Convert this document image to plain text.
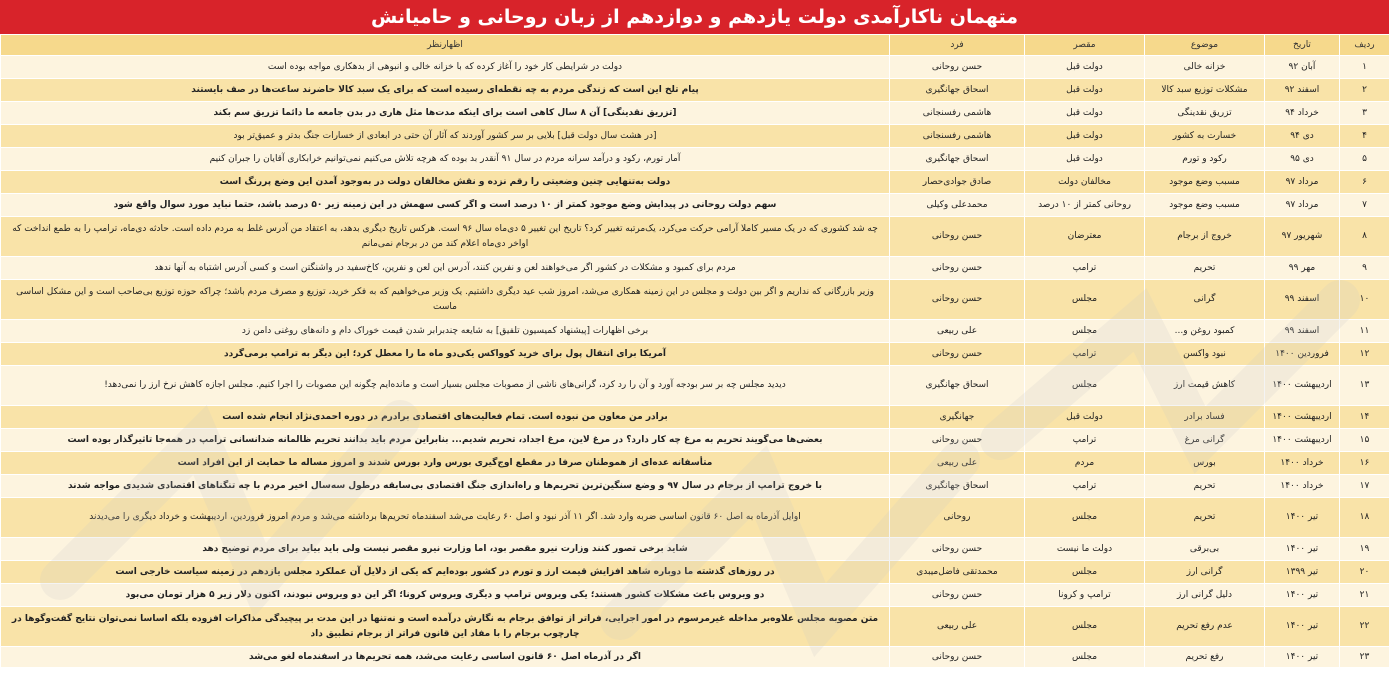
متهمان ناکارآمدی دولت یازدهم و دوازدهم از زبان روحانی و حامیانش
ردیف	تاریخ	موضوع	مقصر	فرد	اظهارنظر
۱	آبان ۹۲	خزانه خالی	دولت قبل	حسن روحانی	دولت در شرایطی کار خود را آغاز کرده که با خزانه خالی و انبوهی از بدهکاری مواجه بوده است
۲	اسفند ۹۲	مشکلات توزیع سبد کالا	دولت قبل	اسحاق جهانگیری	پیام تلخ این است که زندگی مردم به چه نقطه‌ای رسیده است که برای یک سبد کالا حاضرند ساعت‌ها در صف بایستند
۳	خرداد ۹۴	تزریق نقدینگی	دولت قبل	هاشمی رفسنجانی	[تزریق نقدینگی] آن ۸ سال کاهی است برای اینکه مدت‌ها مثل هاری در بدن جامعه ما دائما تزریق سم بکند
۴	دی ۹۴	خسارت به کشور	دولت قبل	هاشمی رفسنجانی	[در هشت سال دولت قبل] بلایی بر سر کشور آوردند که آثار آن حتی در ابعادی از خسارات جنگ بدتر و عمیق‌تر بود
۵	دی ۹۵	رکود و تورم	دولت قبل	اسحاق جهانگیری	آمار تورم، رکود و درآمد سرانه مردم در سال ۹۱ آنقدر بد بوده که هرچه تلاش می‌کنیم نمی‌توانیم خرابکاری آقایان را جبران کنیم
۶	مرداد ۹۷	مسبب وضع موجود	مخالفان دولت	صادق جوادی‌حصار	دولت به‌تنهایی چنین وضعیتی را رقم نزده و نقش مخالفان دولت در به‌وجود آمدن این وضع پررنگ است
۷	مرداد ۹۷	مسبب وضع موجود	روحانی کمتر از ۱۰ درصد	محمدعلی وکیلی	سهم دولت روحانی در پیدایش وضع موجود کمتر از ۱۰ درصد است و اگر کسی سهمش در این زمینه زیر ۵۰ درصد باشد، حتما نباید مورد سوال واقع شود
۸	شهریور ۹۷	خروج از برجام	معترضان	حسن روحانی	چه شد کشوری که در یک مسیر کاملا آرامی حرکت می‌کرد، یک‌مرتبه تغییر کرد؟ تاریخ این تغییر ۵ دی‌ماه سال ۹۶ است. هرکس تاریخ دیگری بدهد، به اعتقاد من آدرس غلط به مردم داده است. حادثه دی‌ماه، ترامپ را به طمع انداخت که اواخر دی‌ماه اعلام کند من در برجام نمی‌مانم
۹	مهر ۹۹	تحریم	ترامپ	حسن روحانی	مردم برای کمبود و مشکلات در کشور اگر می‌خواهند لعن و نفرین کنند، آدرس این لعن و نفرین، کاخ‌سفید در واشنگتن است و کسی آدرس اشتباه به آنها ندهد
۱۰	اسفند ۹۹	گرانی	مجلس	حسن روحانی	وزیر بازرگانی که نداریم و اگر بین دولت و مجلس در این زمینه همکاری می‌شد، امروز شب عید دیگری داشتیم. یک وزیر می‌خواهیم که به فکر خرید، توزیع و مصرف مردم باشد؛ چراکه حوزه توزیع بی‌صاحب است و این مشکل اساسی ماست
۱۱	اسفند ۹۹	کمبود روغن و...	مجلس	علی ربیعی	برخی اظهارات [پیشنهاد کمیسیون تلفیق] به شایعه چندبرابر شدن قیمت خوراک دام و دانه‌های روغنی دامن زد
۱۲	فروردین ۱۴۰۰	نبود واکسن	ترامپ	حسن روحانی	آمریکا برای انتقال پول برای خرید کوواکس یکی‌دو ماه ما را معطل کرد؛ این دیگر به ترامپ برمی‌گردد
۱۳	اردیبهشت ۱۴۰۰	کاهش قیمت ارز	مجلس	اسحاق جهانگیری	دیدید مجلس چه بر سر بودجه آورد و آن را رد کرد، گرانی‌های ناشی از مصوبات مجلس بسیار است و مانده‌ایم چگونه این مصوبات را اجرا کنیم. مجلس اجازه کاهش نرخ ارز را نمی‌دهد!
۱۴	اردیبهشت ۱۴۰۰	فساد برادر	دولت قبل	جهانگیری	برادر من معاون من نبوده است. تمام فعالیت‌های اقتصادی برادرم در دوره احمدی‌نژاد انجام شده است
۱۵	اردیبهشت ۱۴۰۰	گرانی مرغ	ترامپ	حسن روحانی	بعضی‌ها می‌گویند تحریم به مرغ چه کار دارد؟ در مرغ لاین، مرغ اجداد، تحریم شدیم... بنابراین مردم باید بدانند تحریم ظالمانه ضدانسانی ترامپ در همه‌جا تاثیرگذار بوده است
۱۶	خرداد ۱۴۰۰	بورس	مردم	علی ربیعی	متأسفانه عده‌ای از هموطنان صرفا در مقطع اوج‌گیری بورس وارد بورس شدند و امروز مساله ما حمایت از این افراد است
۱۷	خرداد ۱۴۰۰	تحریم	ترامپ	اسحاق جهانگیری	با خروج ترامپ از برجام در سال ۹۷ و وضع سنگین‌ترین تحریم‌ها و راه‌اندازی جنگ اقتصادی بی‌سابقه درطول سه‌سال اخیر مردم با چه تنگناهای اقتصادی شدیدی مواجه شدند
۱۸	تیر ۱۴۰۰	تحریم	مجلس	روحانی	اوایل آذرماه به اصل ۶۰ قانون اساسی ضربه وارد شد. اگر ۱۱ آذر نبود و اصل ۶۰ رعایت می‌شد اسفندماه تحریم‌ها برداشته می‌شد و مردم امروز فروردین، اردیبهشت و خرداد دیگری را می‌دیدند
۱۹	تیر ۱۴۰۰	بی‌برقی	دولت ما نیست	حسن روحانی	شاید برخی تصور کنند وزارت نیرو مقصر بود، اما وزارت نیرو مقصر نیست ولی باید بیاید برای مردم توضیح دهد
۲۰	تیر ۱۳۹۹	گرانی ارز	مجلس	محمدتقی فاضل‌میبدی	در روزهای گذشته ما دوباره شاهد افزایش قیمت ارز و تورم در کشور بوده‌ایم که یکی از دلایل آن عملکرد مجلس یازدهم در زمینه سیاست خارجی است
۲۱	تیر ۱۴۰۰	دلیل گرانی ارز	ترامپ و کرونا	حسن روحانی	دو ویروس باعث مشکلات کشور هستند؛ یکی ویروس ترامپ و دیگری ویروس کرونا؛ اگر این دو ویروس نبودند، اکنون دلار زیر ۵ هزار تومان می‌بود
۲۲	تیر ۱۴۰۰	عدم رفع تحریم	مجلس	علی ربیعی	متن مصوبه مجلس علاوه‌بر مداخله غیرمرسوم در امور اجرایی، فراتر از توافق برجام به نگارش درآمده است و نه‌تنها در این مدت بر پیچیدگی مذاکرات افزوده بلکه اساسا نمی‌توان نتایج گفت‌وگوها در چارچوب برجام را با مفاد این قانون فراتر از برجام تطبیق داد
۲۳	تیر ۱۴۰۰	رفع تحریم	مجلس	حسن روحانی	اگر در آذرماه اصل ۶۰ قانون اساسی رعایت می‌شد، همه تحریم‌ها در اسفندماه لغو می‌شد
